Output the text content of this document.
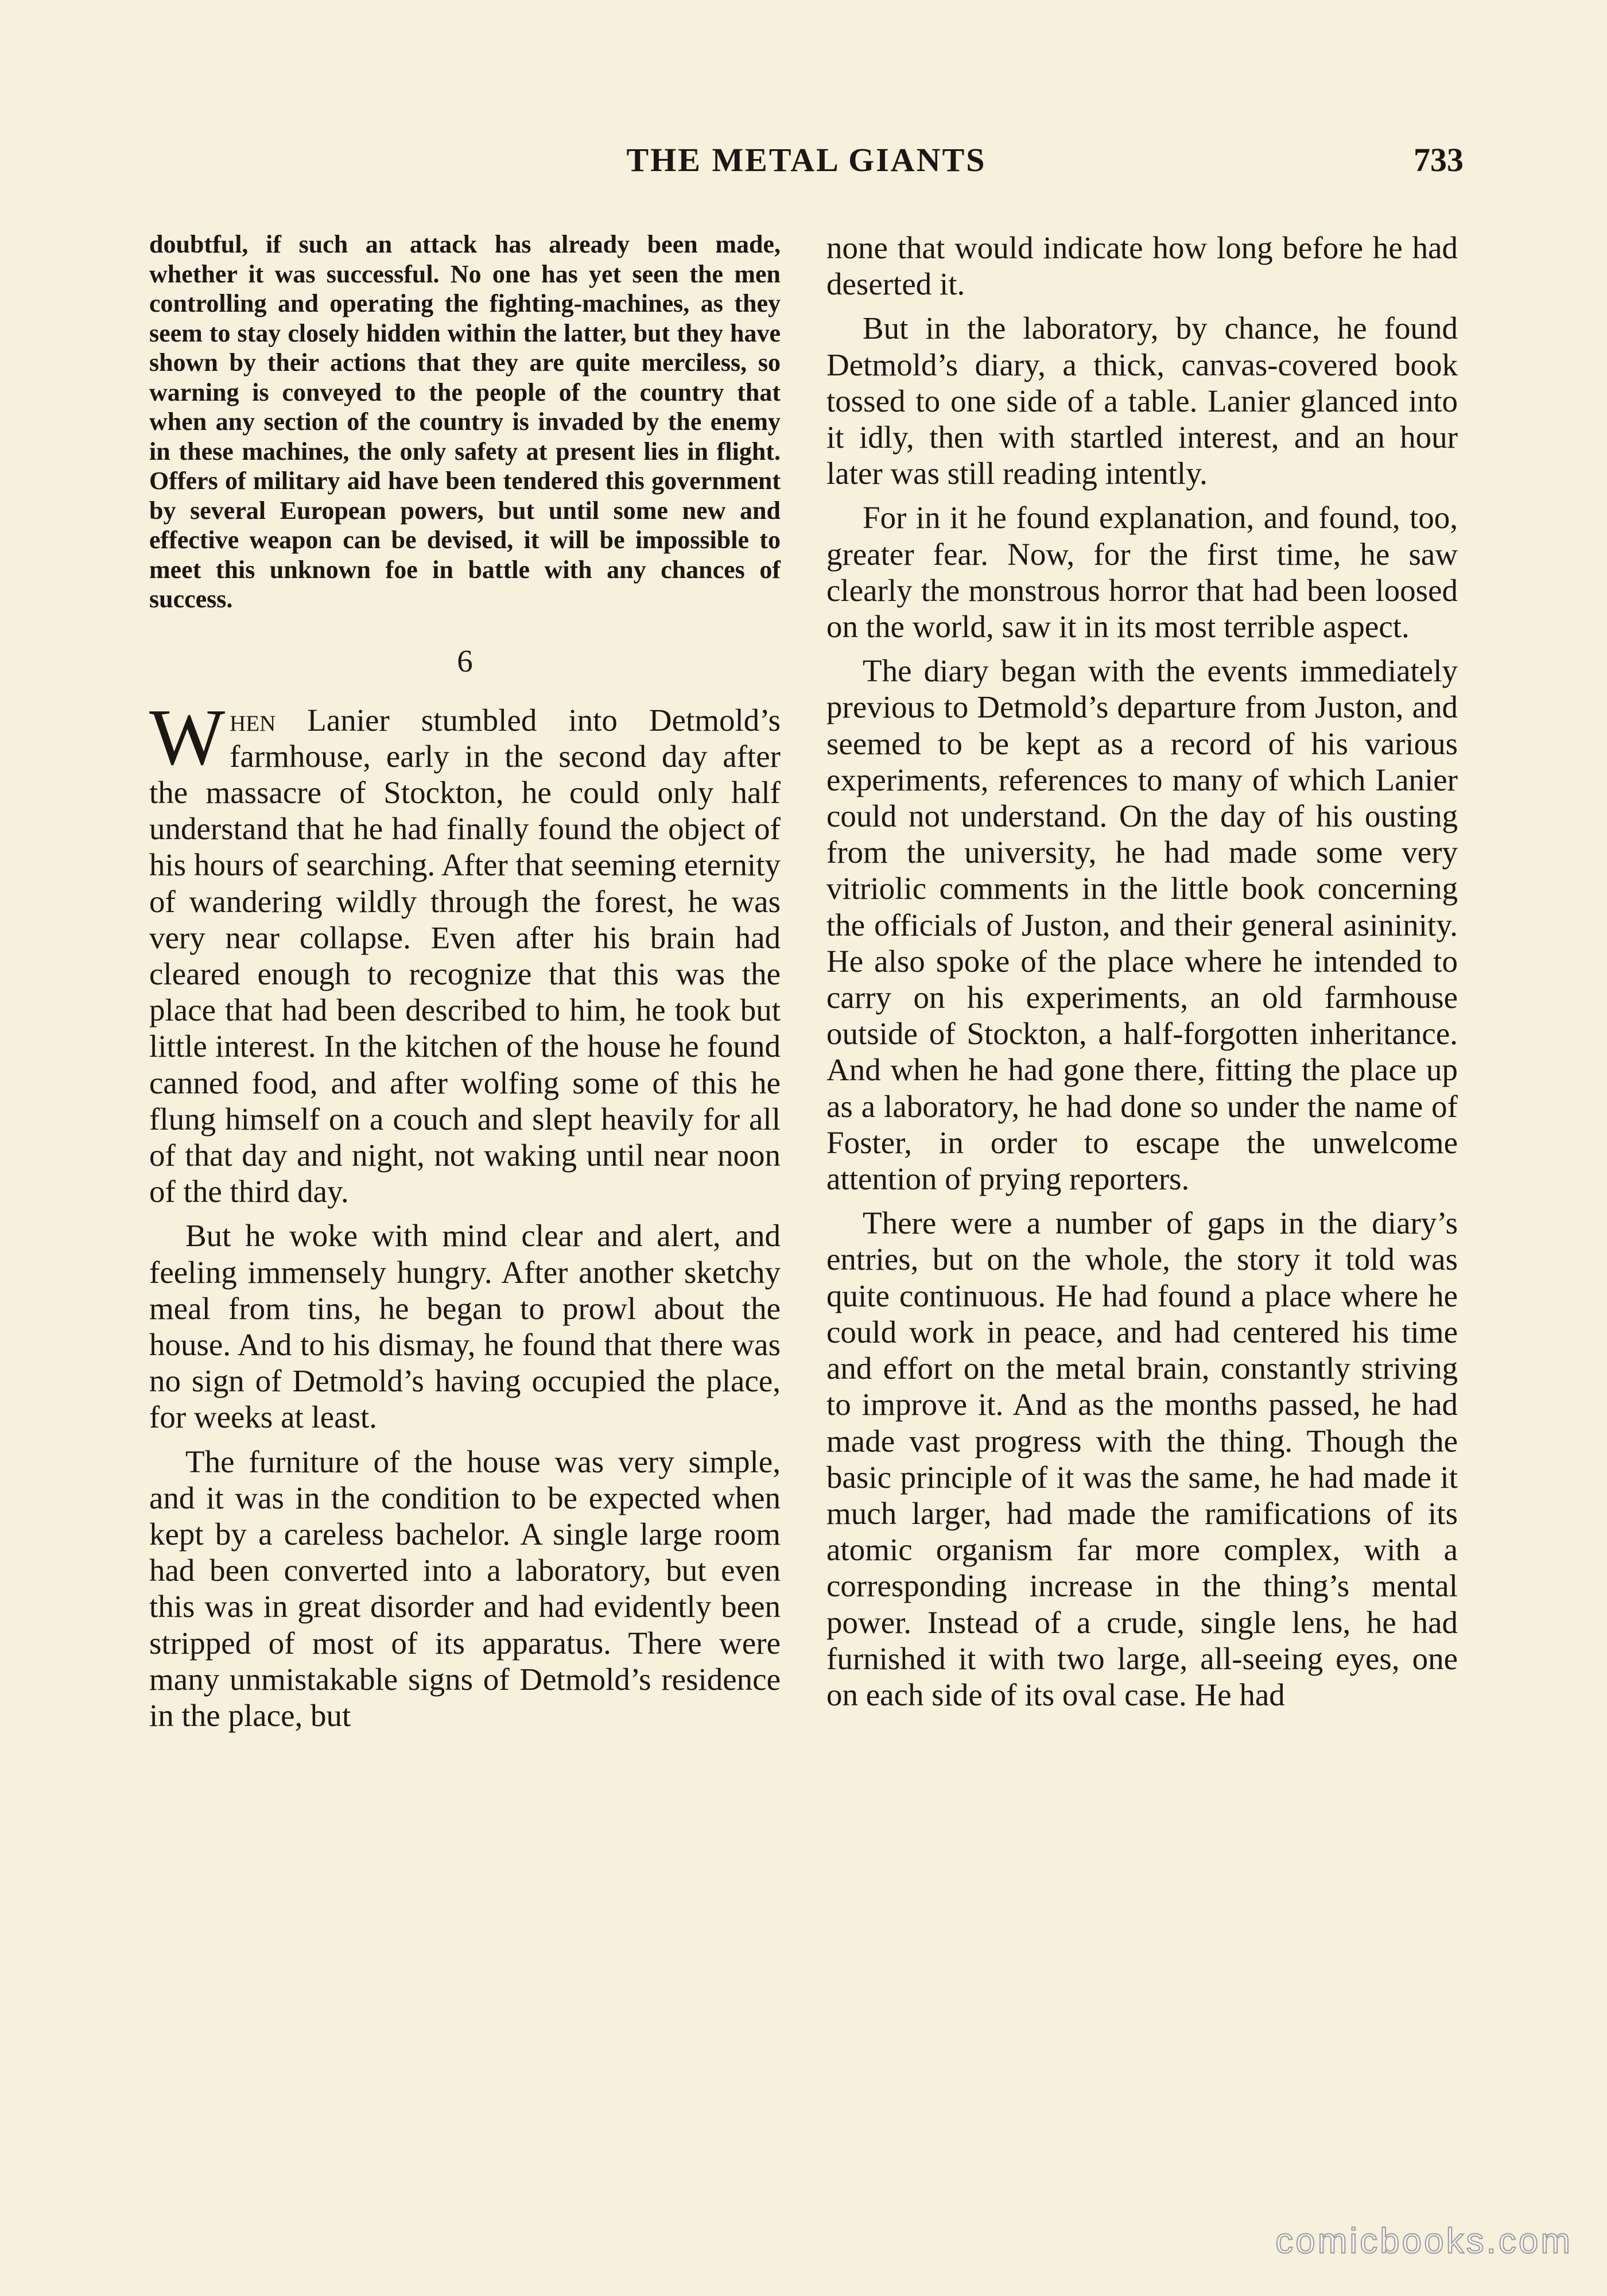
THE METAL GIANTS	733

doubtful, if such an attack has already been made, whether it was successful. No one has yet seen the men controlling and operating the fighting-machines, as they seem to stay closely hidden within the latter, but they have shown by their actions that they are quite merciless, so warning is conveyed to the people of the country that when any section of the country is invaded by the enemy in these machines, the only safety at present lies in flight. Offers of military aid have been tendered this government by several European powers, but until some new and effective weapon can be devised, it will be impossible to meet this unknown foe in battle with any chances of success.

6

When Lanier stumbled into Detmold’s farmhouse, early in the second day after the massacre of Stockton, he could only half understand that he had finally found the object of his hours of searching. After that seeming eternity of wandering wildly through the forest, he was very near collapse. Even after his brain had cleared enough to recognize that this was the place that had been described to him, he took but little interest. In the kitchen of the house he found canned food, and after wolfing some of this he flung himself on a couch and slept heavily for all of that day and night, not waking until near noon of the third day.

But he woke with mind clear and alert, and feeling immensely hungry. After another sketchy meal from tins, he began to prowl about the house. And to his dismay, he found that there was no sign of Detmold’s having occupied the place, for weeks at least.

The furniture of the house was very simple, and it was in the condition to be expected when kept by a careless bachelor. A single large room had been converted into a laboratory, but even this was in great disorder and had evidently been stripped of most of its apparatus. There were many unmistakable signs of Detmold’s residence in the place, but

none that would indicate how long before he had deserted it.

But in the laboratory, by chance, he found Detmold’s diary, a thick, canvas-covered book tossed to one side of a table. Lanier glanced into it idly, then with startled interest, and an hour later was still reading intently.

For in it he found explanation, and found, too, greater fear. Now, for the first time, he saw clearly the monstrous horror that had been loosed on the world, saw it in its most terrible aspect.

The diary began with the events immediately previous to Detmold’s departure from Juston, and seemed to be kept as a record of his various experiments, references to many of which Lanier could not understand. On the day of his ousting from the university, he had made some very vitriolic comments in the little book concerning the officials of Juston, and their general asininity. He also spoke of the place where he intended to carry on his experiments, an old farmhouse outside of Stockton, a half-forgotten inheritance. And when he had gone there, fitting the place up as a laboratory, he had done so under the name of Foster, in order to escape the unwelcome attention of prying reporters.

There were a number of gaps in the diary’s entries, but on the whole, the story it told was quite continuous. He had found a place where he could work in peace, and had centered his time and effort on the metal brain, constantly striving to improve it. And as the months passed, he had made vast progress with the thing. Though the basic principle of it was the same, he had made it much larger, had made the ramifications of its atomic organism far more complex, with a corresponding increase in the thing’s mental power. Instead of a crude, single lens, he had furnished it with two large, all-seeing eyes, one on each side of its oval case. He had

comicbooks.com
